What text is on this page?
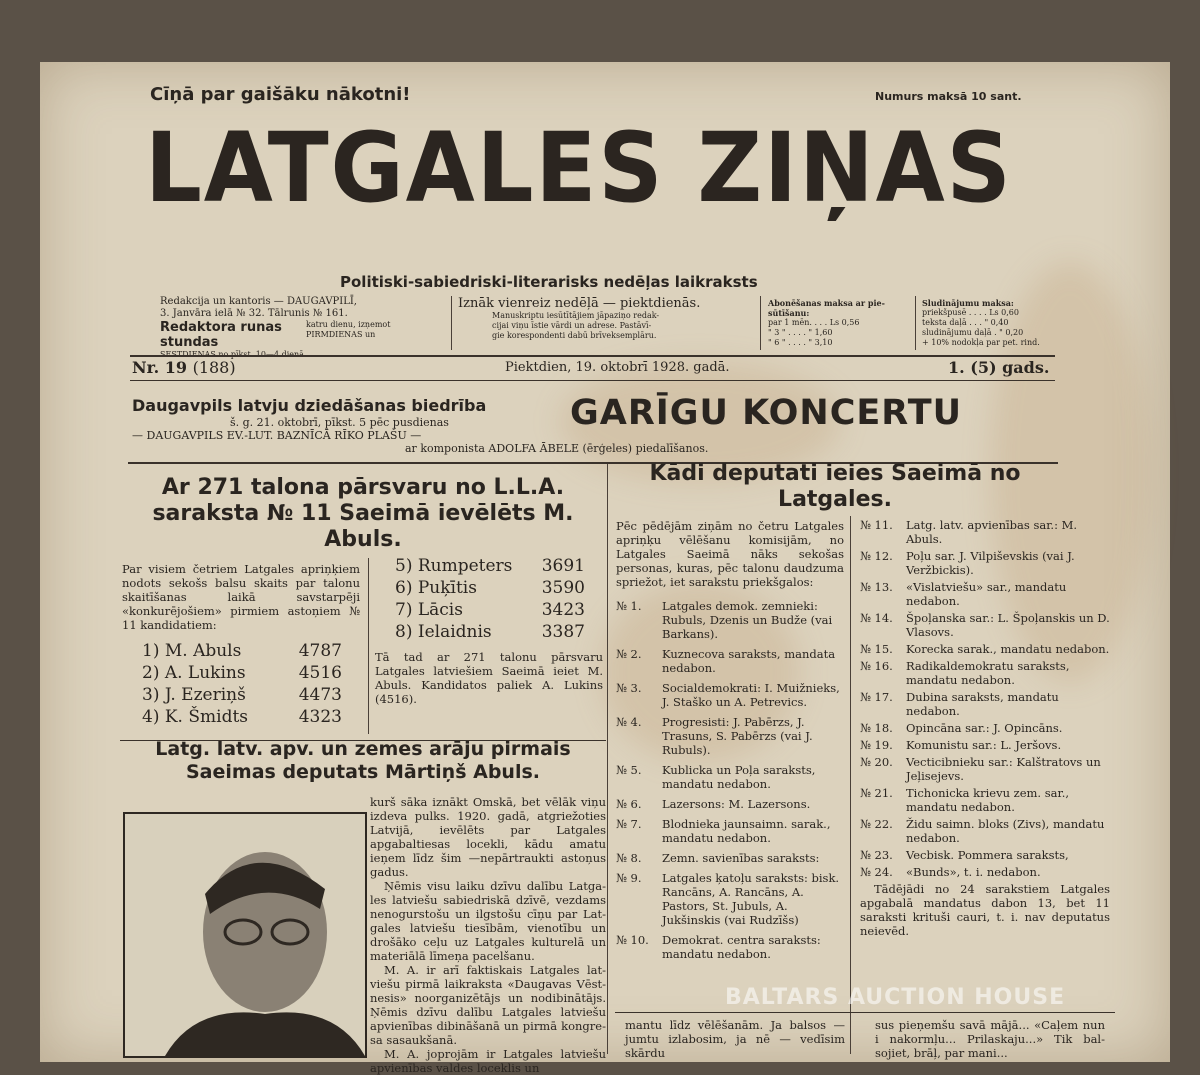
Cīņā par gaišāku nākotni!	Numurs maksā 10 sant.
LATGALES ZIŅAS
Politiski-sabiedriski-literarisks nedēļas laikraksts
Redakcija un kantoris — DAUGAVPILĪ,
3. Janvāra ielā № 32. Tālrunis № 161.
Redaktora runas stundas
katru dienu, izņemot
PIRMDIENAS un
Iznāk vienreiz nedēļā — piektdienās.
Manuskriptu iesūtītājiem jāpaziņo redak-
cijai viņu īstie vārdi un adrese. Pastāvī-
gie korespondenti dabū brīveksemplāru.
Abonēšanas maksa ar pie-
sūtīšanu:
par 1 mēn. . . . Ls 0,56
" 3 " . . . . " 1,60
" 6 " . . . . " 3,10
Sludinājumu maksa:
priekšpusē . . . . Ls 0,60
teksta daļā . . . " 0,40
sludinājumu daļā . " 0,20
+ 10% nodokļa par pet. rind.
Nr. 19 (188)	Piektdien, 19. oktobrī 1928. gadā.	1. (5) gads.
Daugavpils latvju dziedāšanas biedrība
š. g. 21. oktobrī, pīkst. 5 pēc pusdienas
— DAUGAVPILS EV.-LUT. BAZNĪCĀ RĪKO PLAŠU —
GARĪGU KONCERTU
ar komponista ADOLFA ĀBELE (ērģeles) piedalīšanos.
Ar 271 talona pārsvaru no L.L.A. saraksta № 11 Saeimā ievēlēts M. Abuls.
Par visiem četriem Latgales apriņķiem nodots sekošs balsu skaits par talonu skaitīšanas laikā savstarpēji «konkurējošiem» pirmiem astoņiem № 11 kandidatiem:
1) M. Abuls	4787
2) A. Lukins	4516
3) J. Ezeriņš	4473
4) K. Šmidts	4323
5) Rumpeters 3691
6) Puķītis	3590
7) Lācis	3423
8) Ielaidnis	3387
Tā tad ar 271 talonu pārsvaru Latgales latviešiem Saeimā ieiet M. Abuls. Kandidatos paliek A. Lukins (4516).
Latg. latv. apv. un zemes arāju pirmais Saeimas deputats Mārtiņš Abuls.
kurš sāka iznākt Omskā, bet vēlāk viņu izdeva pulks. 1920. gadā, atgriežoties Latvijā, ievēlēts par Latgales apgabaltiesas locekli, kādu amatu ieņem līdz šim —nepārtraukti astoņus gadus.
Ņēmis visu laiku dzīvu dalību Latgales latviešu sabiedriskā dzīvē, vezdams nenogurstošu un ilgstošu cīņu par Latgales latviešu tiesībām, vienotību un drošāko ceļu uz Latgales kulturelā un materiālā līmeņa pacelšanu.
M. A. ir arī faktiskais Latgales latviešu pirmā laikraksta «Daugavas Vēstnesis» noorganizētājs un nodibinātājs. Ņēmis dzīvu dalību Latgales latviešu apvienības dibināšanā un pirmā kongresa sasaukšanā.
M. A. joprojām ir Latgales latviešu apvienības valdes loceklis un
Kādi deputati ieies Saeimā no Latgales.
Pēc pēdējām ziņām no četru Latgales apriņķu vēlēšanu komisijām, no Latgales Saeimā nāks sekošas personas, kuras, pēc talonu daudzuma spriežot, iet sarakstu priekšgalos:
№ 1.	Latgales demok. zemnieki: Rubuls, Dzenis un Budže (vai Barkans).
№ 2.	Kuznecova saraksts, mandata nedabon.
№ 3.	Socialdemokrati: I. Muižnieks, J. Staško un A. Petrevics.
№ 4.	Progresisti: J. Pabērzs, J. Trasuns, S. Pabērzs (vai J. Rubuls).
№ 5.	Kublicka un Poļa saraksts, mandatu nedabon.
№ 6.	Lazersons: M. Lazersons.
№ 7.	Blodnieka jaunsaimn. sarak., mandatu nedabon.
№ 8.	Zemn. savienības saraksts:
№ 9.	Latgales ķatoļu saraksts: bisk. Rancāns, A. Rancāns, A. Pastors, St. Jubuls, A. Jukšinskis (vai Rudzīšs)
№ 10.	Demokrat. centra saraksts: mandatu nedabon.
№ 11.	Latg. latv. apvienības sar.: M. Abuls.
№ 12.	Poļu sar. J. Vilpiševskis (vai J. Veržbickis).
№ 13.	«Vislatviešu» sar., mandatu nedabon.
№ 14.	Špoļanska sar.: L. Špoļanskis un D. Vlasovs.
№ 15.	Korecka sarak., mandatu nedabon.
№ 16.	Radikaldemokratu saraksts, mandatu nedabon.
№ 17.	Dubina saraksts, mandatu nedabon.
№ 18.	Opincāna sar.: J. Opincāns.
№ 19.	Komunistu sar.: L. Jeršovs.
№ 20.	Vecticibnieku sar.: Kalštratovs un Jeļisejevs.
№ 21.	Tichonicka krievu zem. sar., mandatu nedabon.
№ 22.	Židu saimn. bloks (Zivs), mandatu nedabon.
№ 23.	Vecbisk. Pommera saraksts,
№ 24.	«Bunds», t. i. nedabon.
Tādējādi no 24 sarakstiem Latgales apgabalā mandatus dabon 13, bet 11 saraksti krituši cauri, t. i. nav deputatus neievēd.
mantu līdz vēlēšanām. Ja balsos — jumtu izlabosim, ja nē — vedīsim skārdu
sus pieņemšu savā mājā... «Caļem nun i nakormļu... Prilaskaju...» Tik balsojiet, brāļ, par mani...
BALTARS AUCTION HOUSE
